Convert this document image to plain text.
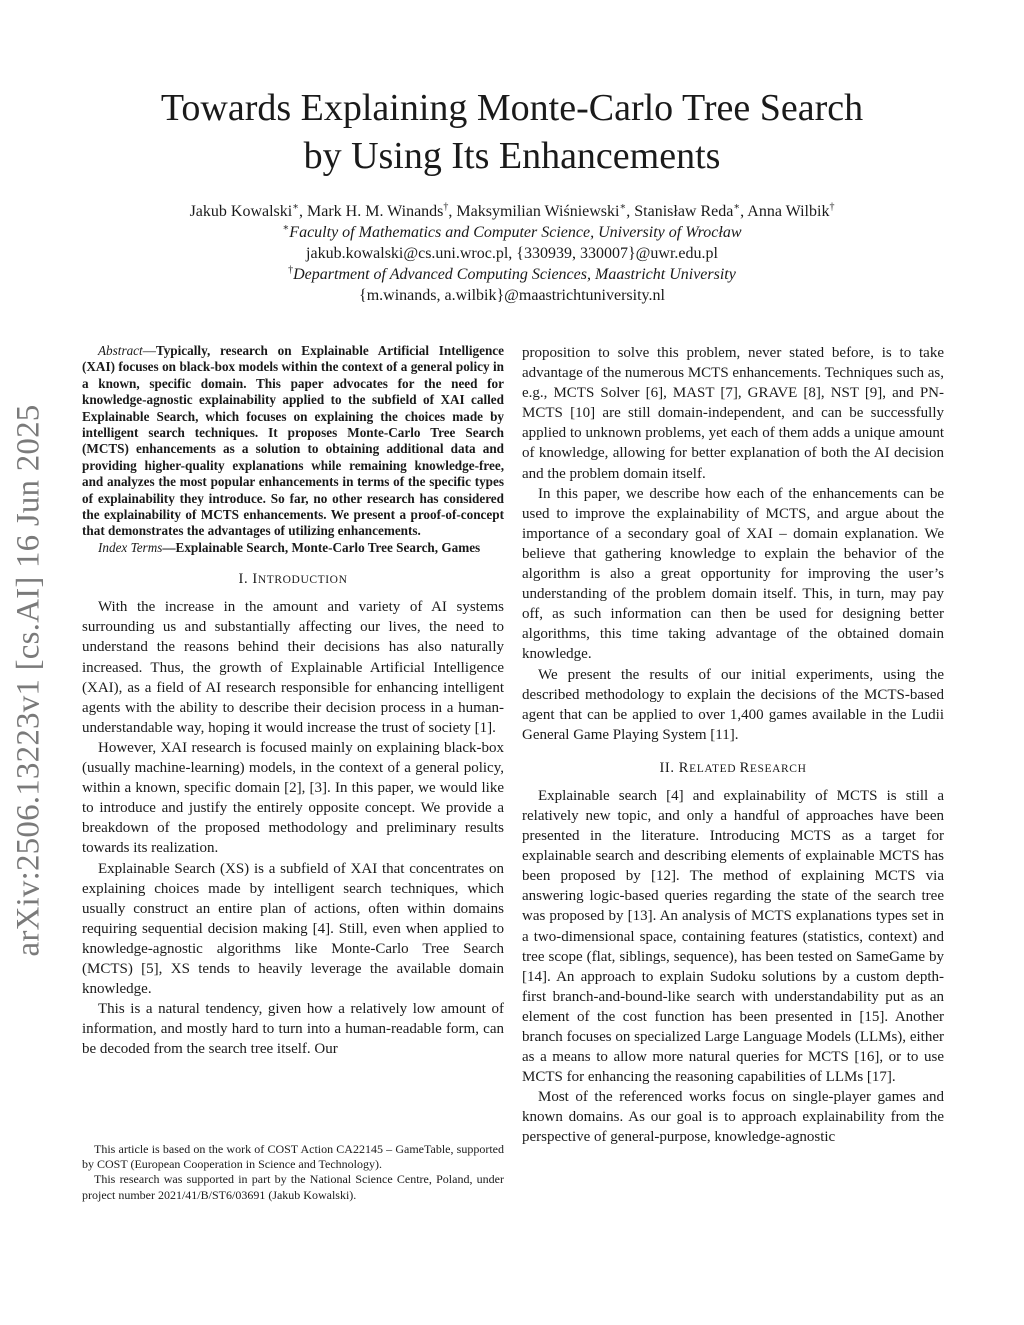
arXiv:2506.13223v1 [cs.AI] 16 Jun 2025
Towards Explaining Monte-Carlo Tree Search
by Using Its Enhancements
Jakub Kowalski∗, Mark H. M. Winands†, Maksymilian Wiśniewski∗, Stanisław Reda∗, Anna Wilbik†
∗Faculty of Mathematics and Computer Science, University of Wrocław
jakub.kowalski@cs.uni.wroc.pl, {330939, 330007}@uwr.edu.pl
†Department of Advanced Computing Sciences, Maastricht University
{m.winands, a.wilbik}@maastrichtuniversity.nl

Abstract—Typically, research on Explainable Artificial Intelligence (XAI) focuses on black-box models within the context of a general policy in a known, specific domain. This paper advocates for the need for knowledge-agnostic explainability applied to the subfield of XAI called Explainable Search, which focuses on explaining the choices made by intelligent search techniques. It proposes Monte-Carlo Tree Search (MCTS) enhancements as a solution to obtaining additional data and providing higher-quality explanations while remaining knowledge-free, and analyzes the most popular enhancements in terms of the specific types of explainability they introduce. So far, no other research has considered the explainability of MCTS enhancements. We present a proof-of-concept that demonstrates the advantages of utilizing enhancements.

Index Terms—Explainable Search, Monte-Carlo Tree Search, Games

I. INTRODUCTION

With the increase in the amount and variety of AI systems surrounding us and substantially affecting our lives, the need to understand the reasons behind their decisions has also naturally increased. Thus, the growth of Explainable Artificial Intelligence (XAI), as a field of AI research responsible for enhancing intelligent agents with the ability to describe their decision process in a human-understandable way, hoping it would increase the trust of society [1].

However, XAI research is focused mainly on explaining black-box (usually machine-learning) models, in the context of a general policy, within a known, specific domain [2], [3]. In this paper, we would like to introduce and justify the entirely opposite concept. We provide a breakdown of the proposed methodology and preliminary results towards its realization.

Explainable Search (XS) is a subfield of XAI that concentrates on explaining choices made by intelligent search techniques, which usually construct an entire plan of actions, often within domains requiring sequential decision making [4]. Still, even when applied to knowledge-agnostic algorithms like Monte-Carlo Tree Search (MCTS) [5], XS tends to heavily leverage the available domain knowledge.

This is a natural tendency, given how a relatively low amount of information, and mostly hard to turn into a human-readable form, can be decoded from the search tree itself. Our

This article is based on the work of COST Action CA22145 – GameTable, supported by COST (European Cooperation in Science and Technology).

This research was supported in part by the National Science Centre, Poland, under project number 2021/41/B/ST6/03691 (Jakub Kowalski).

proposition to solve this problem, never stated before, is to take advantage of the numerous MCTS enhancements. Techniques such as, e.g., MCTS Solver [6], MAST [7], GRAVE [8], NST [9], and PN-MCTS [10] are still domain-independent, and can be successfully applied to unknown problems, yet each of them adds a unique amount of knowledge, allowing for better explanation of both the AI decision and the problem domain itself.

In this paper, we describe how each of the enhancements can be used to improve the explainability of MCTS, and argue about the importance of a secondary goal of XAI – domain explanation. We believe that gathering knowledge to explain the behavior of the algorithm is also a great opportunity for improving the user’s understanding of the problem domain itself. This, in turn, may pay off, as such information can then be used for designing better algorithms, this time taking advantage of the obtained domain knowledge.

We present the results of our initial experiments, using the described methodology to explain the decisions of the MCTS-based agent that can be applied to over 1,400 games available in the Ludii General Game Playing System [11].

II. RELATED RESEARCH

Explainable search [4] and explainability of MCTS is still a relatively new topic, and only a handful of approaches have been presented in the literature. Introducing MCTS as a target for explainable search and describing elements of explainable MCTS has been proposed by [12]. The method of explaining MCTS via answering logic-based queries regarding the state of the search tree was proposed by [13]. An analysis of MCTS explanations types set in a two-dimensional space, containing features (statistics, context) and tree scope (flat, siblings, sequence), has been tested on SameGame by [14]. An approach to explain Sudoku solutions by a custom depth-first branch-and-bound-like search with understandability put as an element of the cost function has been presented in [15]. Another branch focuses on specialized Large Language Models (LLMs), either as a means to allow more natural queries for MCTS [16], or to use MCTS for enhancing the reasoning capabilities of LLMs [17].

Most of the referenced works focus on single-player games and known domains. As our goal is to approach explainability from the perspective of general-purpose, knowledge-agnostic
